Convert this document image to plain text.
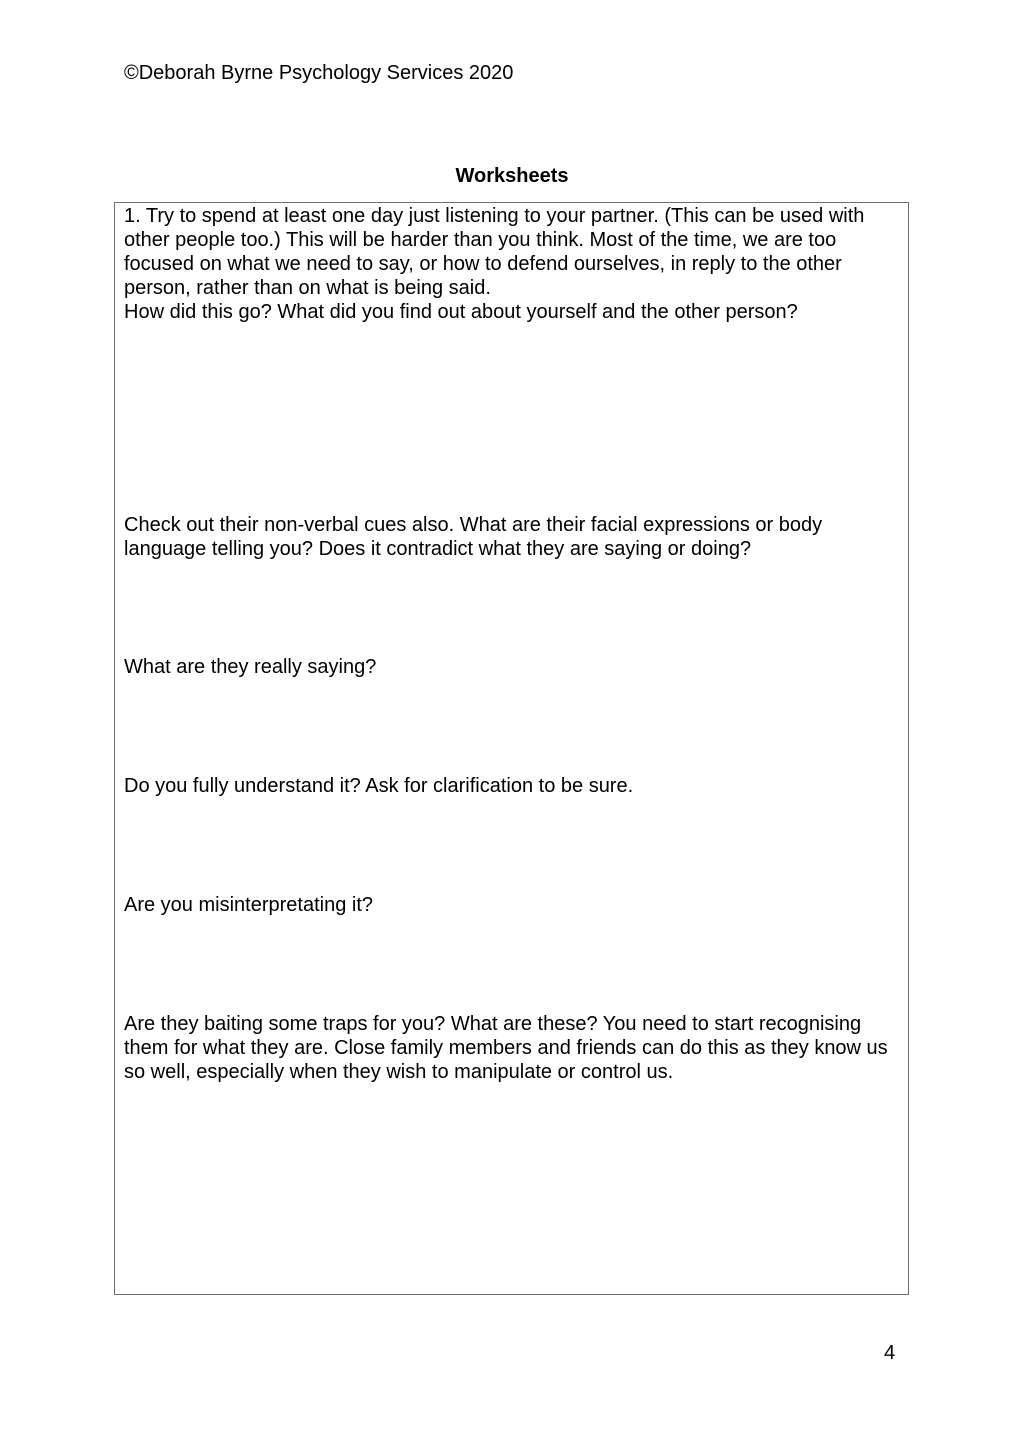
©Deborah Byrne Psychology Services 2020
Worksheets

1. Try to spend at least one day just listening to your partner. (This can be used with other people too.) This will be harder than you think. Most of the time, we are too focused on what we need to say, or how to defend ourselves, in reply to the other person, rather than on what is being said.

How did this go? What did you find out about yourself and the other person?

Check out their non-verbal cues also. What are their facial expressions or body language telling you? Does it contradict what they are saying or doing?
What are they really saying?
Do you fully understand it? Ask for clarification to be sure.
Are you misinterpretating it?
Are they baiting some traps for you? What are these? You need to start recognising them for what they are. Close family members and friends can do this as they know us so well, especially when they wish to manipulate or control us.
4
